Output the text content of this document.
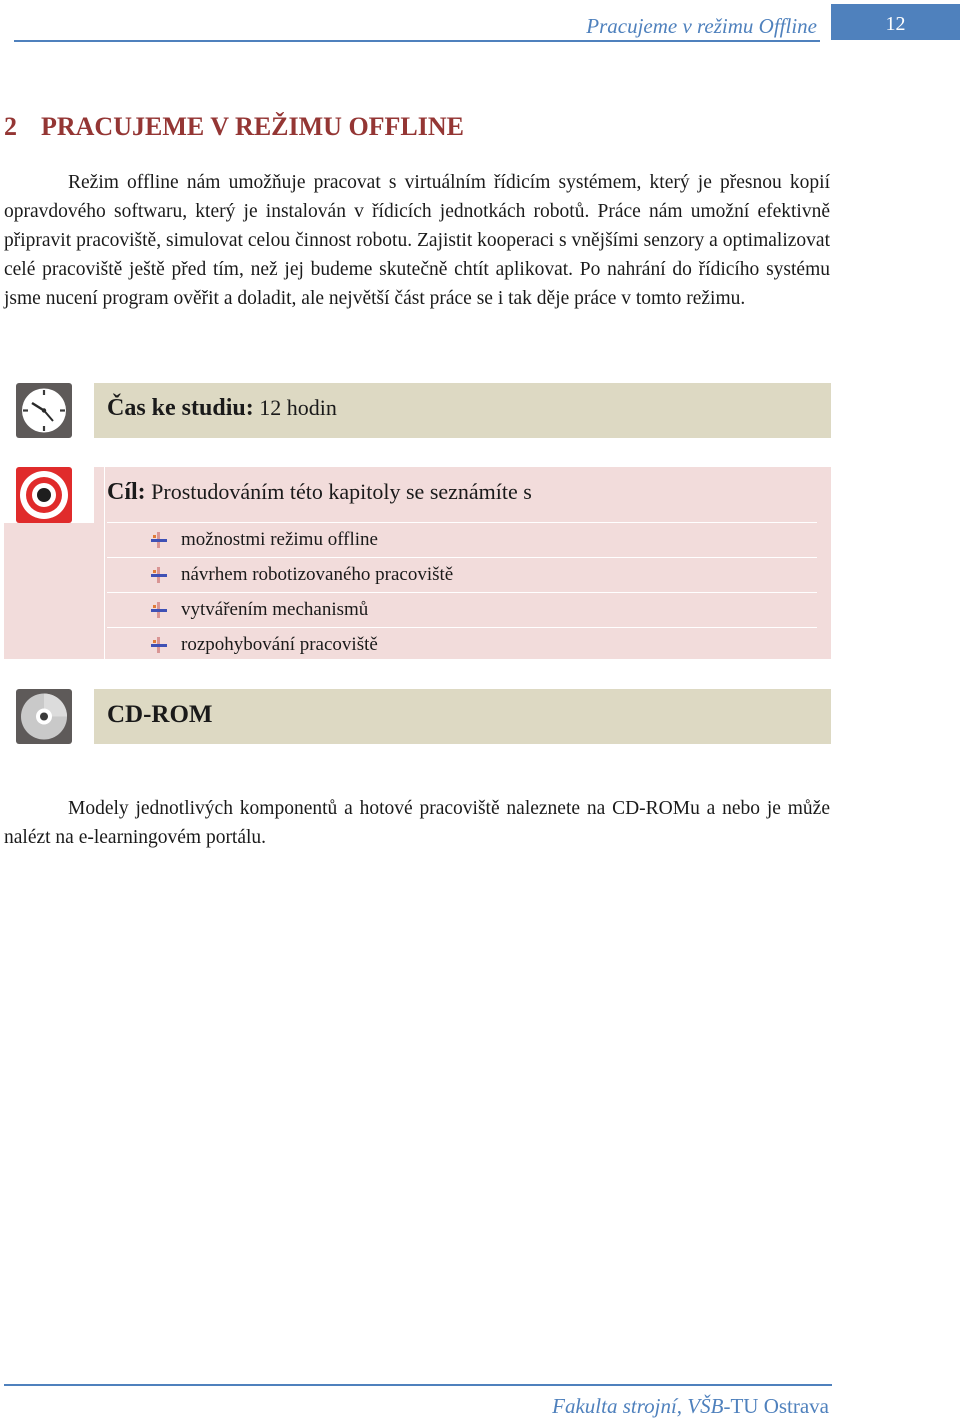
Pracujeme v režimu Offline	12
2 PRACUJEME V REŽIMU OFFLINE

Režim offline nám umožňuje pracovat s virtuálním řídicím systémem, který je přesnou kopií opravdového softwaru, který je instalován v řídicích jednotkách robotů. Práce nám umožní efektivně připravit pracoviště, simulovat celou činnost robotu. Zajistit kooperaci s vnějšími senzory a optimalizovat celé pracoviště ještě před tím, než jej budeme skutečně chtít aplikovat. Po nahrání do řídicího systému jsme nucení program ověřit a doladit, ale největší část práce se i tak děje práce v tomto režimu.

Čas ke studiu: 12 hodin
Cíl: Prostudováním této kapitoly se seznámíte s
možnostmi režimu offline
návrhem robotizovaného pracoviště
vytvářením mechanismů
rozpohybování pracoviště
CD-ROM

Modely jednotlivých komponentů a hotové pracoviště naleznete na CD-ROMu a nebo je může nalézt na e-learningovém portálu.

Fakulta strojní, VŠB-TU Ostrava
